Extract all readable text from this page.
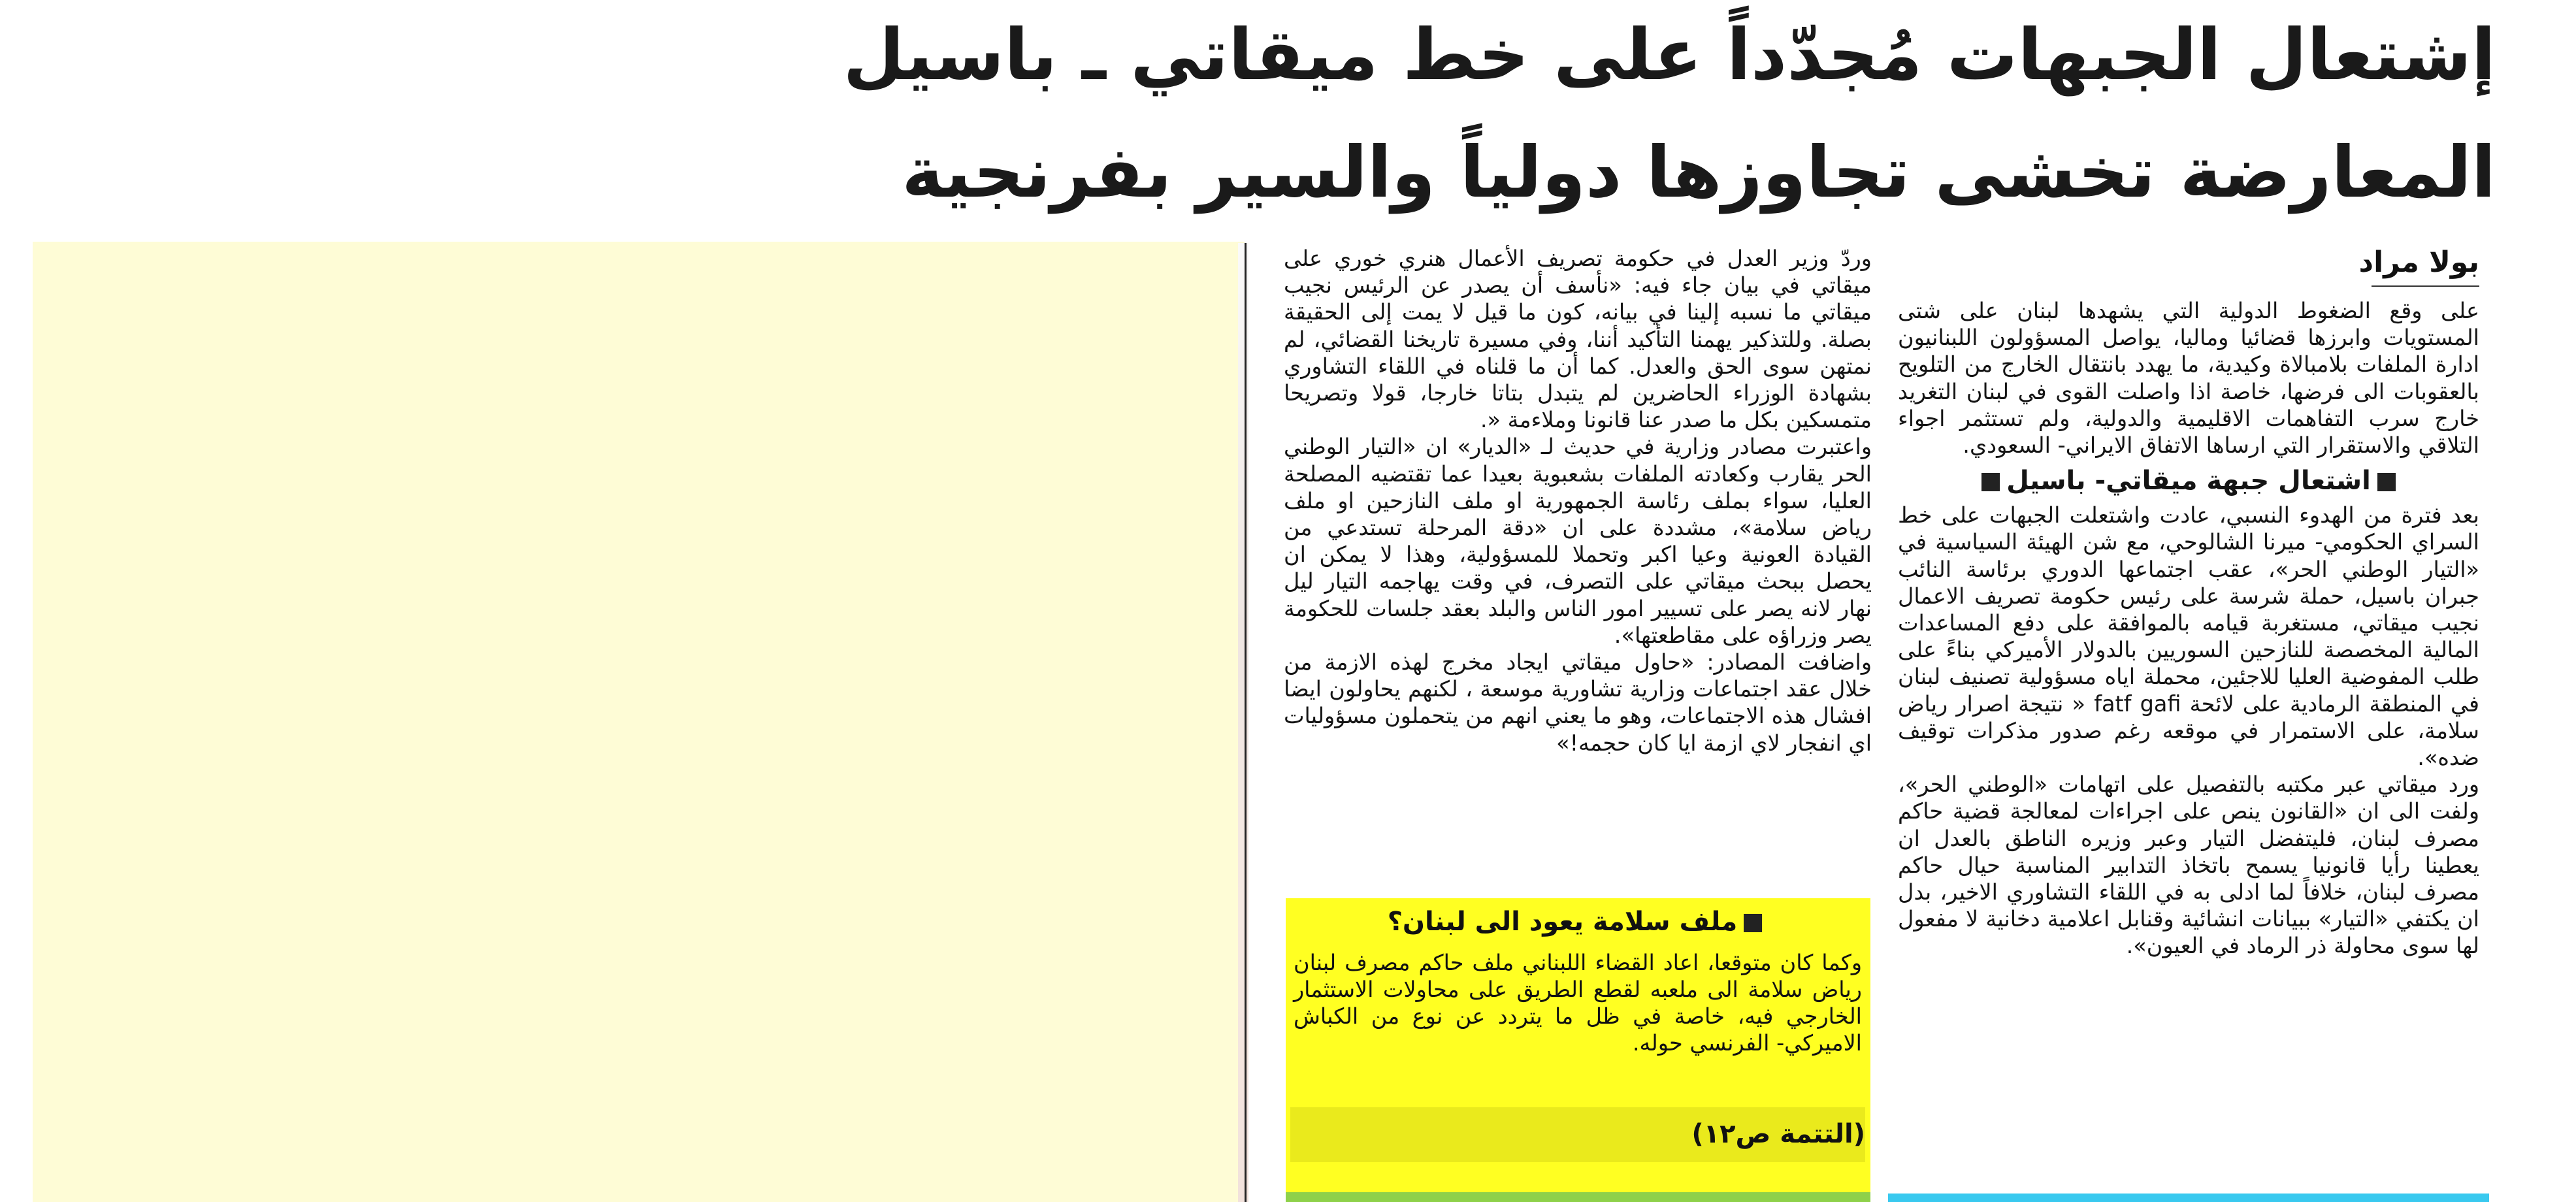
إشتعال الجبهات مُجدّداً على خط ميقاتي ـ باسيل
المعارضة تخشى تجاوزها دولياً والسير بفرنجية
بولا مراد

على وقع الضغوط الدولية التي يشهدها لبنان على شتى المستويات وابرزها قضائيا وماليا، يواصل المسؤولون اللبنانيون ادارة الملفات بلامبالاة وكيدية، ما يهدد بانتقال الخارج من التلويح بالعقوبات الى فرضها، خاصة اذا واصلت القوى في لبنان التغريد خارج سرب التفاهمات الاقليمية والدولية، ولم تستثمر اجواء التلاقي والاستقرار التي ارساها الاتفاق الايراني- السعودي.

اشتعال جبهة ميقاتي- باسيل

بعد فترة من الهدوء النسبي، عادت واشتعلت الجبهات على خط السراي الحكومي- ميرنا الشالوحي، مع شن الهيئة السياسية في «التيار الوطني الحر»، عقب اجتماعها الدوري برئاسة النائب جبران باسيل، حملة شرسة على رئيس حكومة تصريف الاعمال نجيب ميقاتي، مستغربة قيامه بالموافقة على دفع المساعدات المالية المخصصة للنازحين السوريين بالدولار الأميركي بناءً على طلب المفوضية العليا للاجئين، محملة اياه مسؤولية تصنيف لبنان في المنطقة الرمادية على لائحة fatf gafi « نتيجة اصرار رياض سلامة، على الاستمرار في موقعه رغم صدور مذكرات توقيف ضده».

ورد ميقاتي عبر مكتبه بالتفصيل على اتهامات «الوطني الحر»، ولفت الى ان «القانون ينص على اجراءات لمعالجة قضية حاكم مصرف لبنان، فليتفضل التيار وعبر وزيره الناطق بالعدل ان يعطينا رأيا قانونيا يسمح باتخاذ التدابير المناسبة حيال حاكم مصرف لبنان، خلافاً لما ادلى به في اللقاء التشاوري الاخير، بدل ان يكتفي «التيار» ببيانات انشائية وقنابل اعلامية دخانية لا مفعول لها سوى محاولة ذر الرماد في العيون».

وردّ وزير العدل في حكومة تصريف الأعمال هنري خوري على ميقاتي في بيان جاء فيه: «نأسف أن يصدر عن الرئيس نجيب ميقاتي ما نسبه إلينا في بيانه، كون ما قيل لا يمت إلى الحقيقة بصلة. وللتذكير يهمنا التأكيد أننا، وفي مسيرة تاريخنا القضائي، لم نمتهن سوى الحق والعدل. كما أن ما قلناه في اللقاء التشاوري بشهادة الوزراء الحاضرين لم يتبدل بتاتا خارجا، قولا وتصريحا متمسكين بكل ما صدر عنا قانونا وملاءمة «.

واعتبرت مصادر وزارية في حديث لـ «الديار» ان «التيار الوطني الحر يقارب وكعادته الملفات بشعبوية بعيدا عما تقتضيه المصلحة العليا، سواء بملف رئاسة الجمهورية او ملف النازحين او ملف رياض سلامة»، مشددة على ان «دقة المرحلة تستدعي من القيادة العونية وعيا اكبر وتحملا للمسؤولية، وهذا لا يمكن ان يحصل ببحث ميقاتي على التصرف، في وقت يهاجمه التيار ليل نهار لانه يصر على تسيير امور الناس والبلد بعقد جلسات للحكومة يصر وزراؤه على مقاطعتها».

واضافت المصادر: «حاول ميقاتي ايجاد مخرج لهذه الازمة من خلال عقد اجتماعات وزارية تشاورية موسعة ، لكنهم يحاولون ايضا افشال هذه الاجتماعات، وهو ما يعني انهم من يتحملون مسؤوليات اي انفجار لاي ازمة ايا كان حجمه!»

ملف سلامة يعود الى لبنان؟
وكما كان متوقعا، اعاد القضاء اللبناني ملف حاكم مصرف لبنان رياض سلامة الى ملعبه لقطع الطريق على محاولات الاستثمار الخارجي فيه، خاصة في ظل ما يتردد عن نوع من الكباش الاميركي- الفرنسي حوله.
(التتمة ص١٢)
